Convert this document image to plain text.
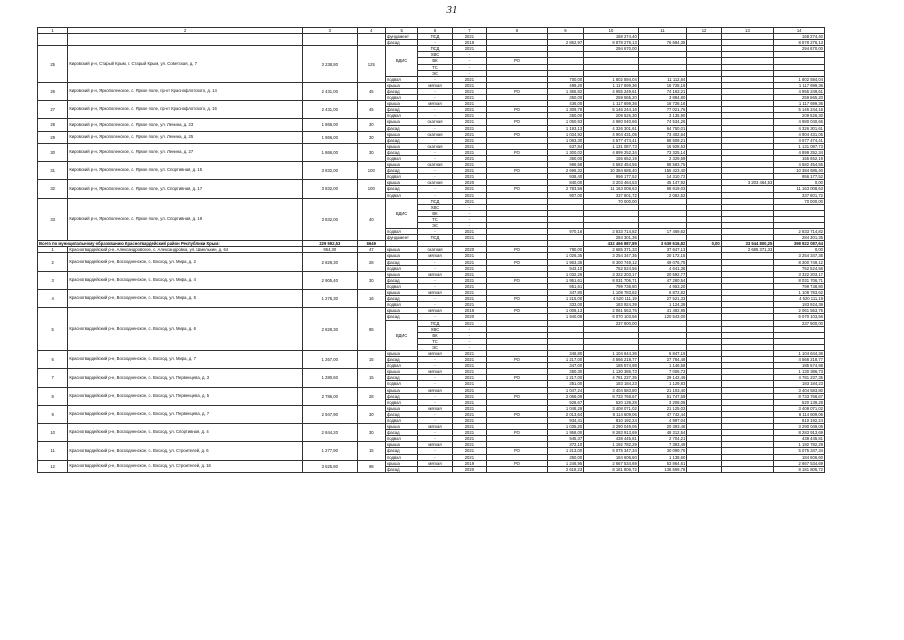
31
1	2	3	4	5	6	7	8	9	10	11	12	13	14
				фундамент	ПСД	2021			168 274,40				168 274,40
				фасад	-	2019		2 862,97	8 878 276,13	76 684,35			8 878 276,13
25	Кировский р-н, Старый Крым, г. Старый Крым, ул. Советская, д. 7	3 238,80	125	ВДИС	ПСД	2021			294 670,00				294 670,00
					ХВС	-							
					ВК	-	РО						
					ТС	-							
					ЭС	-							
				подвал	-	2021		700,00	1 802 594,04	11 112,84			1 802 594,04
26	Кировский р-н, Яркополенское, с. Яркое поле, пр-кт Краснофлотского, д. 14	2 431,00	45	крыша	мягкая	2021		499,20	1 117 699,36	16 728,16			1 117 699,36
				фасад	-	2021	РО	1 365,82	4 955 249,61	74 163,21			4 955 249,61
				подвал	-	2021		350,00	259 565,20	3 884,80			259 565,20
27	Кировский р-н, Яркополенское, с. Яркое поле, пр-кт Краснофлотского, д. 16	2 431,00	45	крыша	мягкая	2021		436,00	1 117 699,36	16 728,16			1 117 699,36
				фасад	-	2021	РО	1 309,78	5 146 244,16	77 021,76			5 146 244,16
				подвал	-	2021		350,00	209 526,30	3 135,90			209 526,30
28	Кировский р-н, Яркополенское, с. Яркое поле, ул. Ленина, д. 23	1 866,00	30	крыша	скатная	2021	РО	1 050,93	4 980 040,66	74 534,26			4 980 040,66
				фасад	-	2021		1 193,13	4 326 301,61	64 750,01			4 326 301,61
29	Кировский р-н, Яркополенское, с. Яркое поле, ул. Ленина, д. 25	1 866,00	30	крыша	скатная	2021	РО	1 034,92	4 904 431,05	73 402,64			4 904 431,05
				фасад	-	2021		1 083,30	4 577 474,41	68 509,21			4 577 474,41
30	Кировский р-н, Яркополенское, с. Яркое поле, ул. Ленина, д. 27	1 866,00	30	крыша	скатная	2021		537,84	1 131 087,73	16 928,53			1 131 087,73
				фасад	-	2021	РО	1 300,02	4 899 252,34	73 325,14			4 899 252,34
				подвал	-	2021		350,00	155 652,19	2 329,59			155 652,19
31	Кировский р-н, Яркополенское, с. Яркое поле, ул. Спортивная, д. 15	3 832,00	100	крыша	скатная	2021		966,58	4 582 454,55	68 583,75			4 582 454,55
				фасад	-	2021	РО	2 696,32	10 384 685,40	155 423,40			10 384 685,40
				подвал	-	2021		938,40	956 177,52	14 310,72			956 177,52
32	Кировский р-н, Яркополенское, с. Яркое поле, ул. Спортивная, д. 17	3 832,00	100	крыша	скатная	2020		840,00	3 203 464,53	45 147,92		3 203 464,53	0,00
				фасад	-	2021	РО	2 783,56	11 163 008,63	68 819,03			11 163 008,63
				подвал	-	2021		907,00	337 801,72	2 082,52			337 801,72
33	Кировский р-н, Яркополенское, с. Яркое поле, ул. Спортивная, д. 19	3 832,00	40	ВДИС	ПСД	2021			70 000,00				70 000,00
					ХВС	-							
					ВК	-							
					ТС	-							
					ЭС	-							
				подвал	-	2021		970,16	2 833 714,82	17 469,62			2 833 714,82
				фундамент	ПСД	2021			284 301,35				284 301,35
Всего по муниципальному образованию Красногвардейский район Республики Крым:		229 592,53	6649						432 466 887,89	3 639 616,82	0,00	33 544 800,25	398 922 087,64
1	Красногвардейский р-н, Александровское, с. Александровка, ул. Шмелькин, д. 64	954,30	47	крыша	скатная	2020	РО	780,00	2 685 371,33	37 647,13		2 685 371,33	0,00
2	Красногвардейский р-н, Восходненское, с. Восход, ул. Мира, д. 2	2 829,30	28	крыша	мягкая	2021		1 026,35	3 254 347,35	20 172,15			3 254 347,35
				фасад	-	2021	РО	1 963,35	8 300 749,12	49 076,75			8 300 749,12
				подвал	-	2021		943,10	752 524,56	4 641,36			752 524,56
3	Красногвардейский р-н, Восходненское, с. Восход, ул. Мира, д. 4	2 905,40	30	крыша	мягкая	2021		1 032,26	3 322 203,17	20 592,77			3 322 203,17
				фасад	-	2021	РО	1 951,61	8 031 706,71	47 280,54			8 031 706,71
				подвал	-	2021		951,61	799 738,80	4 953,20			799 738,80
4	Красногвардейский р-н, Восходненское, с. Восход, ул. Мира, д. 5	1 276,30	16	крыша	мягкая	2021		347,80	1 108 783,62	6 872,82			1 108 783,62
				фасад	-	2021	РО	1 215,00	4 520 111,19	27 521,33			4 520 111,19
				подвал	-	2021		333,00	183 924,39	1 124,39			183 924,39
5	Красногвардейский р-н, Восходненское, с. Восход, ул. Мира, д. 6	2 828,30	85	крыша	мягкая	2019	РО	1 008,13	2 061 553,75	41 492,95			2 061 553,75
				фасад	-	2020		1 940,08	6 070 103,56	120 543,00			6 070 103,56
				ВДИС	ПСД	2021			237 900,00				237 900,00
					ХВС	-							
					ВК	-							
					ТС	-							
					ЭС	-							
6	Красногвардейский р-н, Восходненское, с. Восход, ул. Мира, д. 7	1 267,00	15	крыша	мягкая	2021		346,80	1 104 644,36	6 847,16			1 104 644,36
				фасад	-	2021	РО	1 217,00	4 566 218,77	27 784,48			4 566 218,77
				подвал	-	2021		347,00	185 574,98	1 146,58			185 574,98
7	Красногвардейский р-н, Восходненское, с. Восход, ул. Первенцева, д. 3	1 280,60	15	крыша	мягкая	2021		350,30	1 130 386,73	7 006,73			1 130 386,73
				фасад	-	2021	РО	1 217,00	4 781 237,35	29 142,46			4 781 237,35
				подвал	-	2021		351,00	183 184,23	1 129,83			183 184,23
8	Красногвардейский р-н, Восходненское, с. Восход, ул. Первенцева, д. 5	2 786,00	28	крыша	мягкая	2021		1 047,24	3 404 583,80	21 103,40			3 404 583,80
				фасад	-	2021	РО	2 066,09	8 733 768,67	51 747,59			8 733 768,67
				подвал	-	2021		928,67	520 139,28	3 208,08			520 139,28
9	Красногвардейский р-н, Восходненское, с. Восход, ул. Первенцева, д. 7	2 947,90	30	крыша	мягкая	2021		1 048,29	3 408 071,02	21 125,02			3 408 071,02
				фасад	-	2021	РО	2 013,64	8 114 609,06	47 742,44			8 114 609,06
				подвал	-	2021		934,41	810 192,24	4 997,04			810 192,24
10	Красногвардейский р-н, Восходненское, с. Восход, ул. Спортивная, д. 4	2 844,20	30	крыша	мягкая	2021		1 035,20	3 290 049,06	20 393,46			3 290 049,06
				фасад	-	2021	РО	1 958,00	8 283 913,69	48 312,54			8 283 913,69
				подвал	-	2021		945,37	438 445,81	2 704,21			438 445,81
11	Красногвардейский р-н, Восходненское, с. Восход, ул. Строителей, д. 6	1 277,90	15	крыша	мягкая	2021		372,10	1 192 782,29	7 393,49			1 192 782,29
				фасад	-	2021	РО	1 213,00	5 075 347,34	30 099,76			5 075 347,34
				подвал	-	2021		350,00	184 606,60	1 138,60			184 606,60
12	Красногвардейский р-н, Восходненское, с. Восход, ул. Строителей, д. 16	3 525,80	98	крыша	мягкая	2019	РО	1 246,95	2 667 534,69	53 864,61			2 667 534,69
				фасад	-	2020		2 618,23	8 181 806,72	136 599,78			8 181 806,72
